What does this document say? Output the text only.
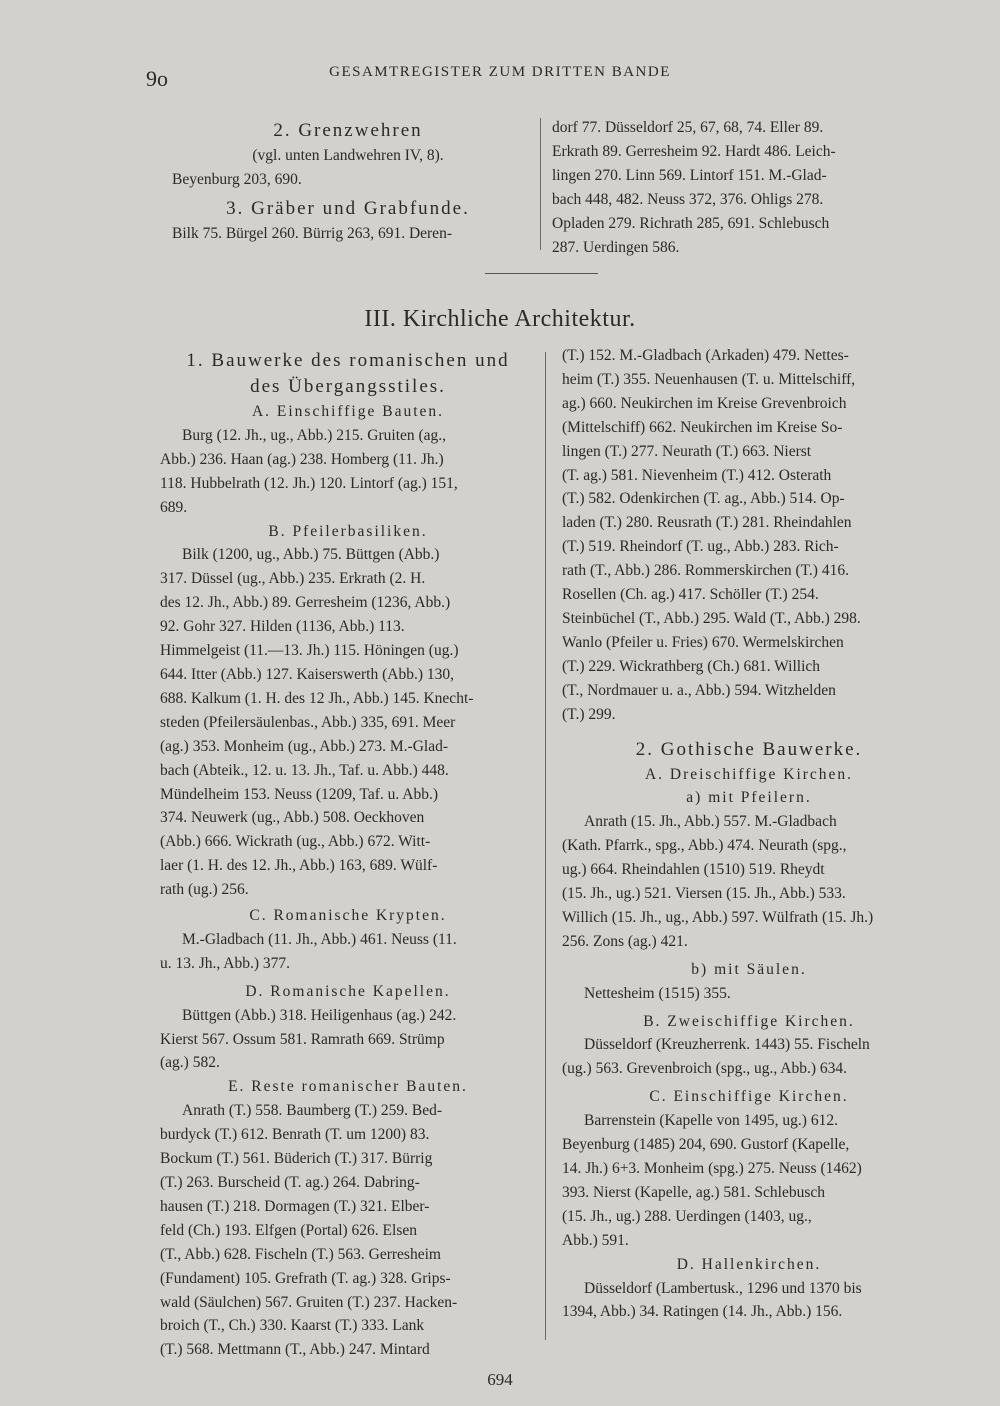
9o	GESAMTREGISTER ZUM DRITTEN BANDE

2. Grenzwehren

(vgl. unten Landwehren IV, 8).

Beyenburg 203, 690.

3. Gräber und Grabfunde.

Bilk 75. Bürgel 260. Bürrig 263, 691. Deren-

dorf 77. Düsseldorf 25, 67, 68, 74. Eller 89.

Erkrath 89. Gerresheim 92. Hardt 486. Leich-

lingen 270. Linn 569. Lintorf 151. M.-Glad-

bach 448, 482. Neuss 372, 376. Ohligs 278.

Opladen 279. Richrath 285, 691. Schlebusch

287. Uerdingen 586.

III. Kirchliche Architektur.

1. Bauwerke des romanischen und

des Übergangsstiles.

A. Einschiffige Bauten.

Burg (12. Jh., ug., Abb.) 215. Gruiten (ag.,

Abb.) 236. Haan (ag.) 238. Homberg (11. Jh.)

118. Hubbelrath (12. Jh.) 120. Lintorf (ag.) 151,

689.

B. Pfeilerbasiliken.

Bilk (1200, ug., Abb.) 75. Büttgen (Abb.)

317. Düssel (ug., Abb.) 235. Erkrath (2. H.

des 12. Jh., Abb.) 89. Gerresheim (1236, Abb.)

92. Gohr 327. Hilden (1136, Abb.) 113.

Himmelgeist (11.—13. Jh.) 115. Höningen (ug.)

644. Itter (Abb.) 127. Kaiserswerth (Abb.) 130,

688. Kalkum (1. H. des 12 Jh., Abb.) 145. Knecht-

steden (Pfeilersäulenbas., Abb.) 335, 691. Meer

(ag.) 353. Monheim (ug., Abb.) 273. M.-Glad-

bach (Abteik., 12. u. 13. Jh., Taf. u. Abb.) 448.

Mündelheim 153. Neuss (1209, Taf. u. Abb.)

374. Neuwerk (ug., Abb.) 508. Oeckhoven

(Abb.) 666. Wickrath (ug., Abb.) 672. Witt-

laer (1. H. des 12. Jh., Abb.) 163, 689. Wülf-

rath (ug.) 256.

C. Romanische Krypten.

M.-Gladbach (11. Jh., Abb.) 461. Neuss (11.

u. 13. Jh., Abb.) 377.

D. Romanische Kapellen.

Büttgen (Abb.) 318. Heiligenhaus (ag.) 242.

Kierst 567. Ossum 581. Ramrath 669. Strümp

(ag.) 582.

E. Reste romanischer Bauten.

Anrath (T.) 558. Baumberg (T.) 259. Bed-

burdyck (T.) 612. Benrath (T. um 1200) 83.

Bockum (T.) 561. Büderich (T.) 317. Bürrig

(T.) 263. Burscheid (T. ag.) 264. Dabring-

hausen (T.) 218. Dormagen (T.) 321. Elber-

feld (Ch.) 193. Elfgen (Portal) 626. Elsen

(T., Abb.) 628. Fischeln (T.) 563. Gerresheim

(Fundament) 105. Grefrath (T. ag.) 328. Grips-

wald (Säulchen) 567. Gruiten (T.) 237. Hacken-

broich (T., Ch.) 330. Kaarst (T.) 333. Lank

(T.) 568. Mettmann (T., Abb.) 247. Mintard

(T.) 152. M.-Gladbach (Arkaden) 479. Nettes-

heim (T.) 355. Neuenhausen (T. u. Mittelschiff,

ag.) 660. Neukirchen im Kreise Grevenbroich

(Mittelschiff) 662. Neukirchen im Kreise So-

lingen (T.) 277. Neurath (T.) 663. Nierst

(T. ag.) 581. Nievenheim (T.) 412. Osterath

(T.) 582. Odenkirchen (T. ag., Abb.) 514. Op-

laden (T.) 280. Reusrath (T.) 281. Rheindahlen

(T.) 519. Rheindorf (T. ug., Abb.) 283. Rich-

rath (T., Abb.) 286. Rommerskirchen (T.) 416.

Rosellen (Ch. ag.) 417. Schöller (T.) 254.

Steinbüchel (T., Abb.) 295. Wald (T., Abb.) 298.

Wanlo (Pfeiler u. Fries) 670. Wermelskirchen

(T.) 229. Wickrathberg (Ch.) 681. Willich

(T., Nordmauer u. a., Abb.) 594. Witzhelden

(T.) 299.

2. Gothische Bauwerke.

A. Dreischiffige Kirchen.

a) mit Pfeilern.

Anrath (15. Jh., Abb.) 557. M.-Gladbach

(Kath. Pfarrk., spg., Abb.) 474. Neurath (spg.,

ug.) 664. Rheindahlen (1510) 519. Rheydt

(15. Jh., ug.) 521. Viersen (15. Jh., Abb.) 533.

Willich (15. Jh., ug., Abb.) 597. Wülfrath (15. Jh.)

256. Zons (ag.) 421.

b) mit Säulen.

Nettesheim (1515) 355.

B. Zweischiffige Kirchen.

Düsseldorf (Kreuzherrenk. 1443) 55. Fischeln

(ug.) 563. Grevenbroich (spg., ug., Abb.) 634.

C. Einschiffige Kirchen.

Barrenstein (Kapelle von 1495, ug.) 612.

Beyenburg (1485) 204, 690. Gustorf (Kapelle,

14. Jh.) 6+3. Monheim (spg.) 275. Neuss (1462)

393. Nierst (Kapelle, ag.) 581. Schlebusch

(15. Jh., ug.) 288. Uerdingen (1403, ug.,

Abb.) 591.

D. Hallenkirchen.

Düsseldorf (Lambertusk., 1296 und 1370 bis

1394, Abb.) 34. Ratingen (14. Jh., Abb.) 156.

694
